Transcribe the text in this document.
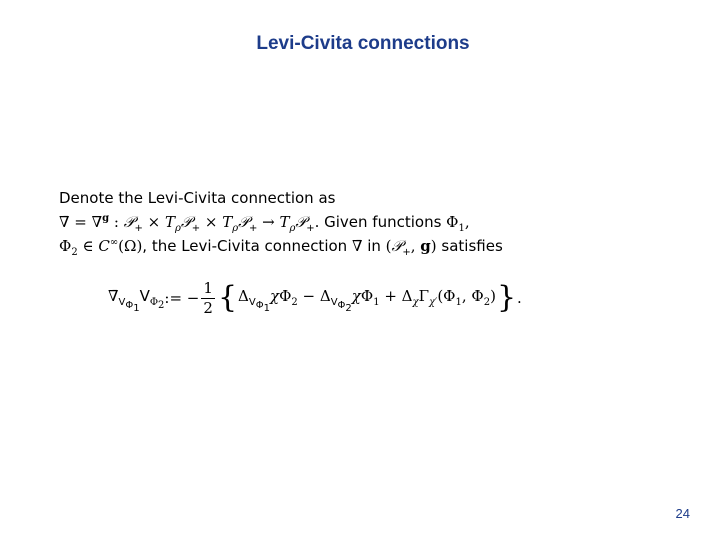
Levi-Civita connections
Denote the Levi-Civita connection as
∇̄ = ∇$^g$ : 𝒫$_+$ × $T_\rho 𝒫_+$ × $T_\rho 𝒫_+$ → $T_\rho 𝒫_+$. Given functions $\Phi_1$,
$\Phi_2$ ∈ C∞(Ω), the Levi-Civita connection ∇̄ in (𝒫$_+$, g) satisfies
$\nablā_{V_{\Phi_1}}V_{\Phi_2}$ := − $\frac{1}{2}$ { $\Delta_{V_{\Phi_1}}\chi\Phi_2 - \Delta_{V_{\Phi_2}}\chi\Phi_1 + \Delta_\chi\Gamma_{\chi'}(\Phi_1$, $\Phi_2$) } .
24
